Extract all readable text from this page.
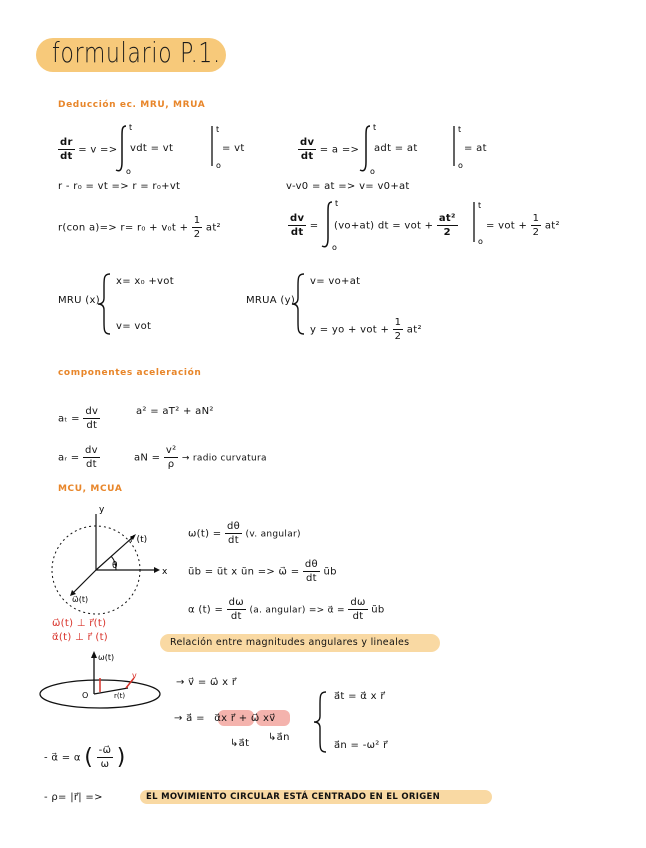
formulario P.1.
Deducción ec. MRU, MRUA
$\frac{dr}{dt} = v$ =>
t
o
vdt = vt
t
o
= vt	$\frac{dv}{dt} = a$ =>
t
o
adt = at
t
o
= at
r - r₀ = vt => r = r₀+vt	v-v0 = at => v= v0+at
r(con $a)=> r= r_0 + v_0t + \frac{1}{2} at^2$	$\frac{dv}{dt}$ =
t
o
(vo+at) dt = vot + $\frac{\text{at²}}{2}$
t
o
= vot + $\frac{1}{2} at^2$
MRU (x)
x= x₀ +vot
v= vot
MRUA (y)
v= vo+at
y = yo + vot + $\frac{1}{2} at^2$
componentes aceleración
$a_t = \frac{dv}{dt}$	a² = aT² + aN²
aᵣ = $\frac{dv}{dt}$	aN = $\frac{\text{v²}}{\rho}$ → radio curvatura
MCU, MCUA
y
x
r⃗ (t)
θ
ω⃗(t)
ω⃗(t) ⊥ r⃗(t)
α⃗(t) ⊥ r⃗ (t)
$\omega(t) = \frac{d\theta}{dt} (v$. angular)
ũb = ũt x ũn => ω⃗ = $\frac{d\theta}{dt}$ ũb
α $(t) = \frac{d\omega}{dt} (a$. angular) => α⃗ = $\frac{d\omega}{dt}$ ũb
Relación entre magnitudes angulares y lineales
ω(t)
v
r(t)
O
→ v⃗ = ω⃗ x r⃗
→ a⃗ = α⃗x r⃗ + ω⃗ xv⃗
↳a⃗t
↳a⃗n
a⃗t = α⃗ x r⃗
a⃗n = -ω² r⃗
- α⃗ = α ( $\frac{-\omega⃗}{\omega}$ )
- ρ= |r⃗| =>	EL MOVIMIENTO CIRCULAR ESTÁ CENTRADO EN EL ORIGEN
